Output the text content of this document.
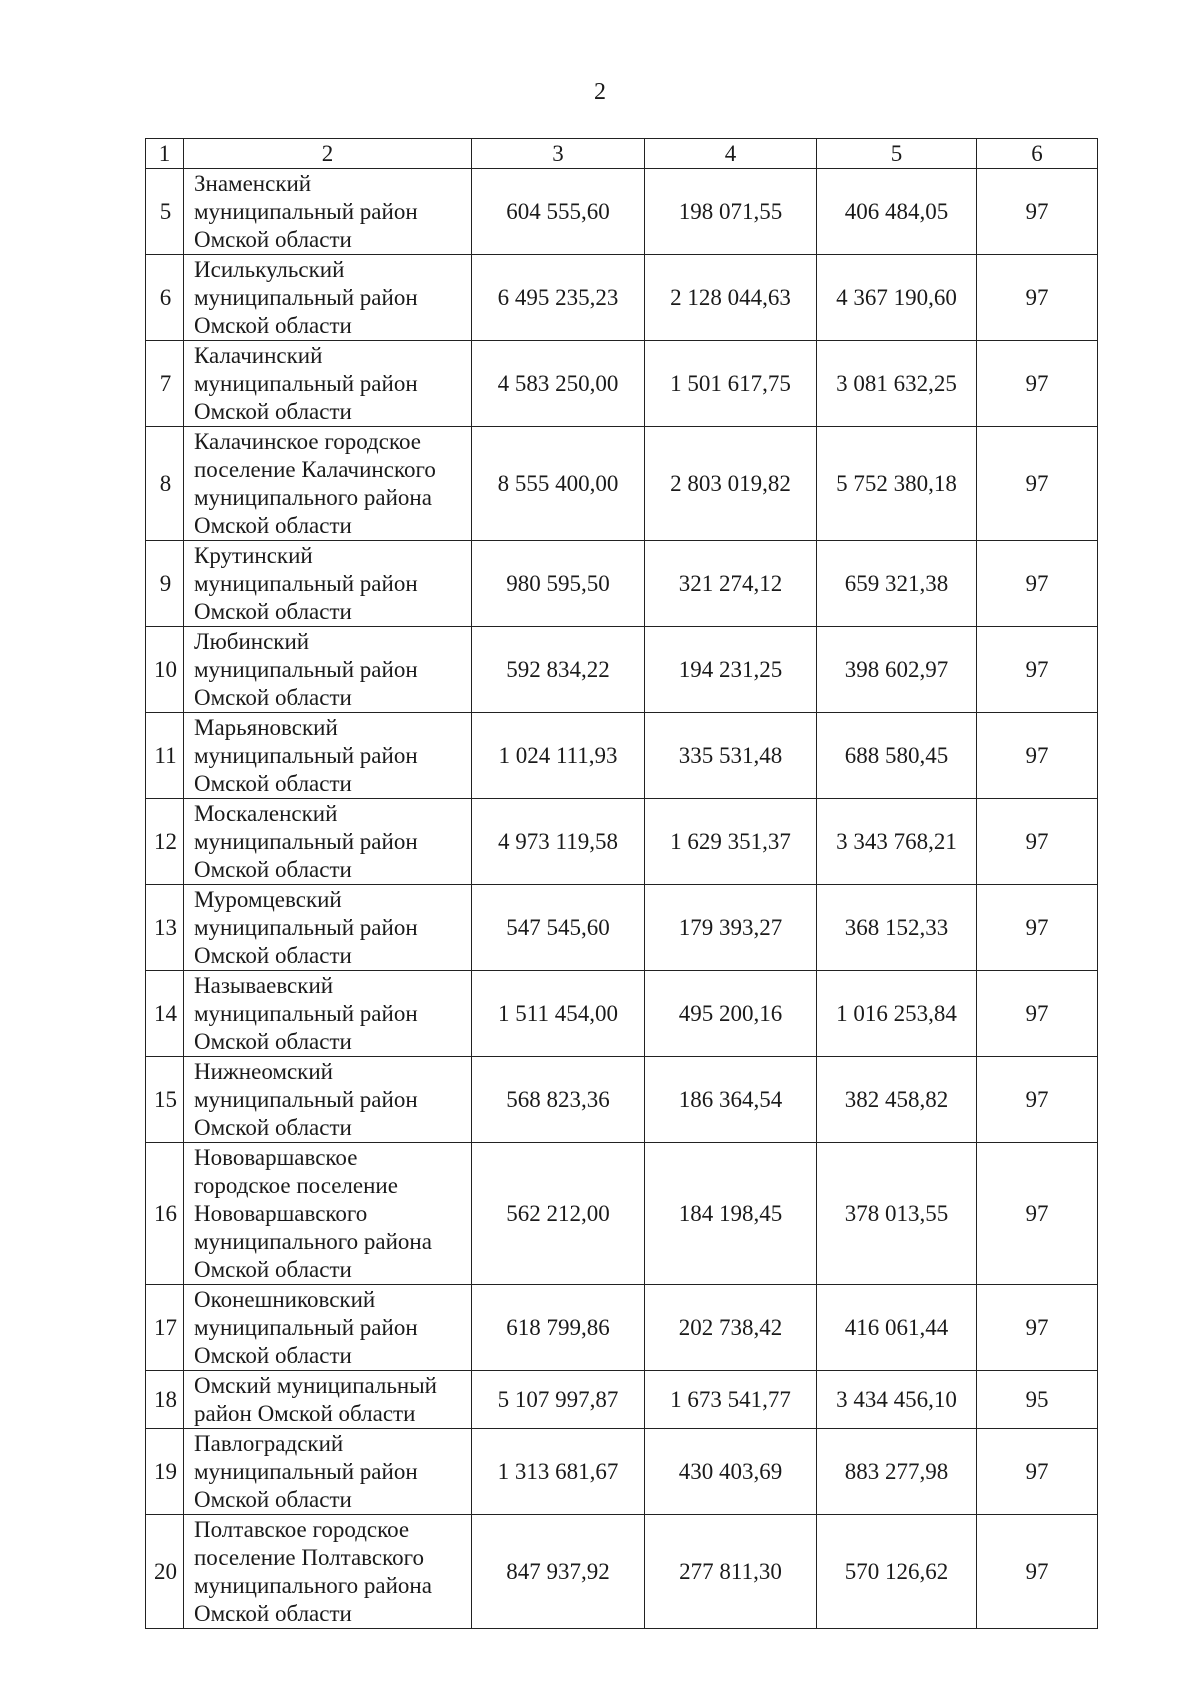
2
1	2	3	4	5	6
5	Знаменский
муниципальный район
Омской области	604 555,60	198 071,55	406 484,05	97
6	Исилькульский
муниципальный район
Омской области	6 495 235,23	2 128 044,63	4 367 190,60	97
7	Калачинский
муниципальный район
Омской области	4 583 250,00	1 501 617,75	3 081 632,25	97
8	Калачинское городское
поселение Калачинского
муниципального района
Омской области	8 555 400,00	2 803 019,82	5 752 380,18	97
9	Крутинский
муниципальный район
Омской области	980 595,50	321 274,12	659 321,38	97
10	Любинский
муниципальный район
Омской области	592 834,22	194 231,25	398 602,97	97
11	Марьяновский
муниципальный район
Омской области	1 024 111,93	335 531,48	688 580,45	97
12	Москаленский
муниципальный район
Омской области	4 973 119,58	1 629 351,37	3 343 768,21	97
13	Муромцевский
муниципальный район
Омской области	547 545,60	179 393,27	368 152,33	97
14	Называевский
муниципальный район
Омской области	1 511 454,00	495 200,16	1 016 253,84	97
15	Нижнеомский
муниципальный район
Омской области	568 823,36	186 364,54	382 458,82	97
16	Нововаршавское
городское поселение
Нововаршавского
муниципального района
Омской области	562 212,00	184 198,45	378 013,55	97
17	Оконешниковский
муниципальный район
Омской области	618 799,86	202 738,42	416 061,44	97
18	Омский муниципальный
район Омской области	5 107 997,87	1 673 541,77	3 434 456,10	95
19	Павлоградский
муниципальный район
Омской области	1 313 681,67	430 403,69	883 277,98	97
20	Полтавское городское
поселение Полтавского
муниципального района
Омской области	847 937,92	277 811,30	570 126,62	97
